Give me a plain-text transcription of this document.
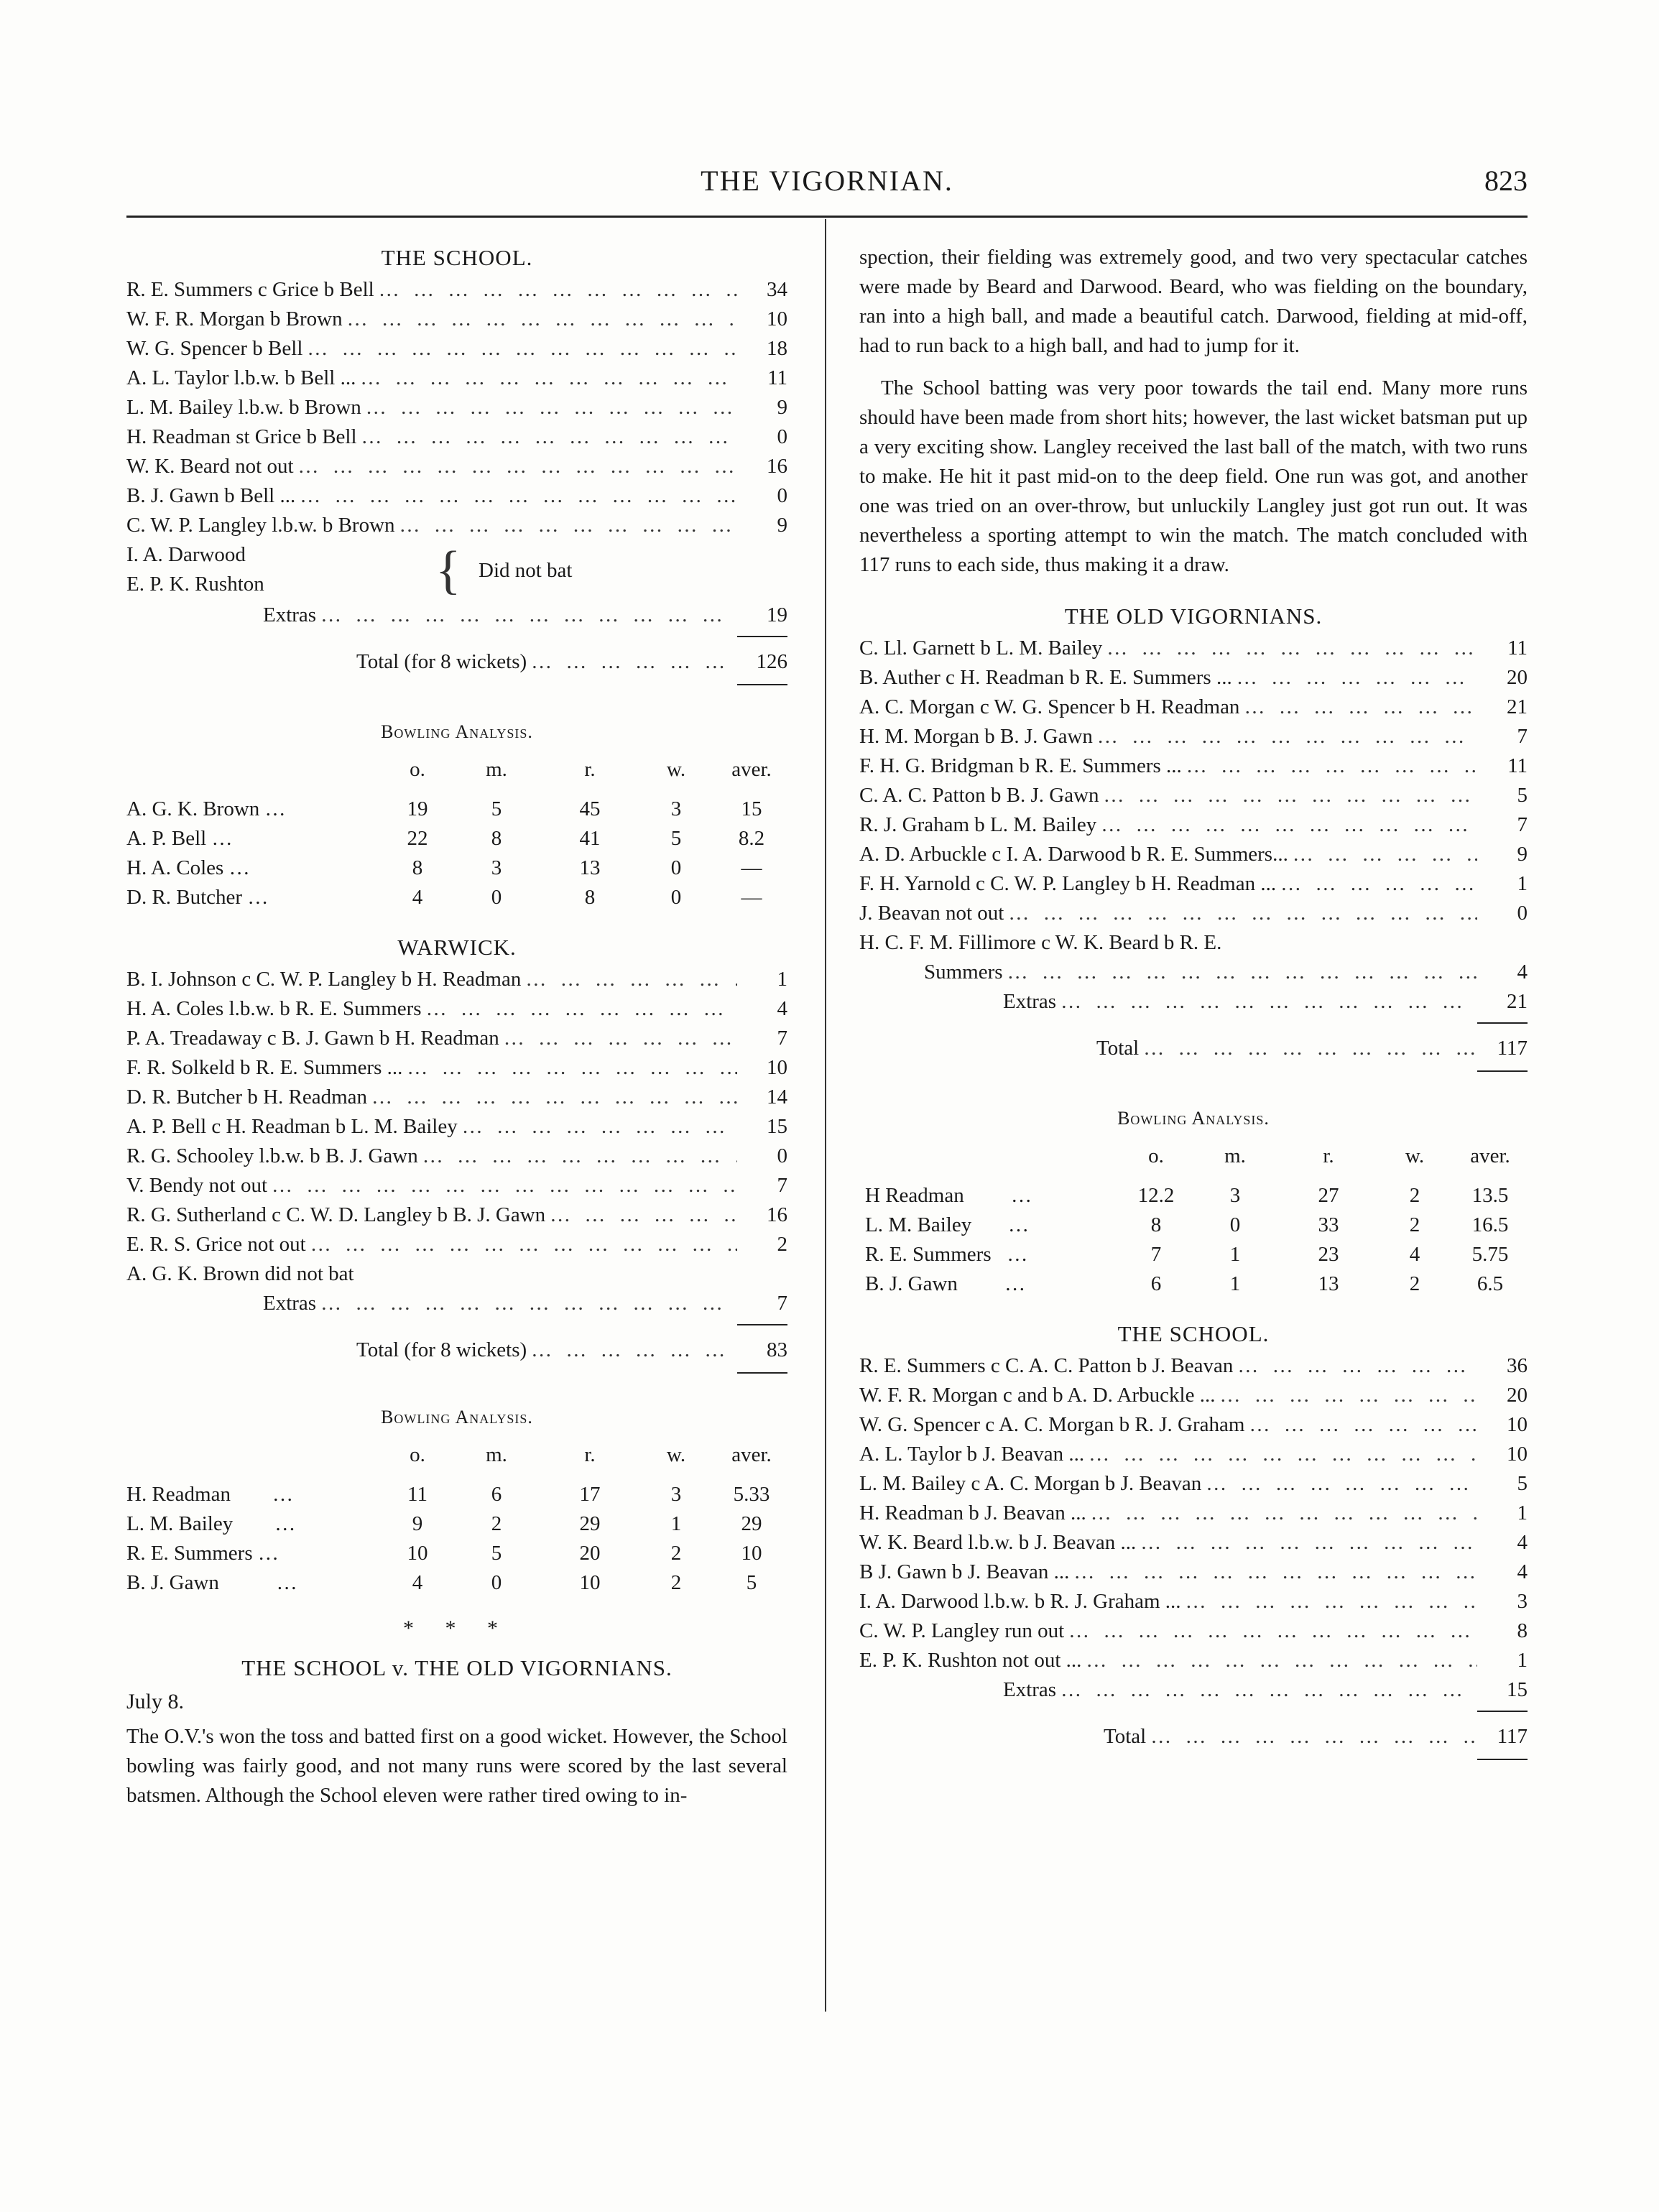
THE VIGORNIAN.	823
THE SCHOOL.
R. E. Summers c Grice b Bell … … … … … … … … … … … … … … … … … … … … … … … … … … … … … …	34
W. F. R. Morgan b Brown … … … … … … … … … … … … … … … … … … … … … … … … … … … … … …	10
W. G. Spencer b Bell … … … … … … … … … … … … … … … … … … … … … … … … … … … … … …	18
A. L. Taylor l.b.w. b Bell ... … … … … … … … … … … … … … … … … … … … … … … … … … … … … … …	11
L. M. Bailey l.b.w. b Brown … … … … … … … … … … … … … … … … … … … … … … … … … … … … … …	9
H. Readman st Grice b Bell … … … … … … … … … … … … … … … … … … … … … … … … … … … … … …	0
W. K. Beard not out … … … … … … … … … … … … … … … … … … … … … … … … … … … … … …	16
B. J. Gawn b Bell ... … … … … … … … … … … … … … … … … … … … … … … … … … … … … … …	0
C. W. P. Langley l.b.w. b Brown … … … … … … … … … … … … … … … … … … … … … … … … … … … … … …	9
I. A. Darwood
E. P. K. Rushton	{ Did not bat
Extras … … … … … … … … … … … … … … … … … … … … … … … … … … … … … …	19
Total (for 8 wickets) … … … … … … … … … … … … … … … … … … … … … … … … … … … … … …	126
Bowling Analysis.
	o.	m.	r.	w.	aver.

A. G. K. Brown …	19	5	45	3	15
A. P. Bell …	22	8	41	5	8.2
H. A. Coles …	8	3	13	0	—
D. R. Butcher …	4	0	8	0	—
WARWICK.
B. I. Johnson c C. W. P. Langley b H. Readman … … … … … … … … … … … … … … … … … … … … … … … … … … … … … …	1
H. A. Coles l.b.w. b R. E. Summers … … … … … … … … … … … … … … … … … … … … … … … … … … … … … …	4
P. A. Treadaway c B. J. Gawn b H. Readman … … … … … … … … … … … … … … … … … … … … … … … … … … … … … …	7
F. R. Solkeld b R. E. Summers ... … … … … … … … … … … … … … … … … … … … … … … … … … … … … … …	10
D. R. Butcher b H. Readman … … … … … … … … … … … … … … … … … … … … … … … … … … … … … …	14
A. P. Bell c H. Readman b L. M. Bailey … … … … … … … … … … … … … … … … … … … … … … … … … … … … … …	15
R. G. Schooley l.b.w. b B. J. Gawn … … … … … … … … … … … … … … … … … … … … … … … … … … … … … …	0
V. Bendy not out … … … … … … … … … … … … … … … … … … … … … … … … … … … … … …	7
R. G. Sutherland c C. W. D. Langley b B. J. Gawn … … … … … … … … … … … … … … … … … … … … … … … … … … … … … …	16
E. R. S. Grice not out … … … … … … … … … … … … … … … … … … … … … … … … … … … … … …	2
A. G. K. Brown did not bat
Extras … … … … … … … … … … … … … … … … … … … … … … … … … … … … … …	7
Total (for 8 wickets) … … … … … … … … … … … … … … … … … … … … … … … … … … … … … …	83
Bowling Analysis.
	o.	m.	r.	w.	aver.

H. Readman        …	11	6	17	3	5.33
L. M. Bailey        …	9	2	29	1	29
R. E. Summers …	10	5	20	2	10
B. J. Gawn           …	4	0	10	2	5
* * *
THE SCHOOL v. THE OLD VIGORNIANS.

July 8.

The O.V.'s won the toss and batted first on a good wicket. However, the School bowling was fairly good, and not many runs were scored by the last several batsmen. Although the School eleven were rather tired owing to in-

spection, their fielding was extremely good, and two very spectacular catches were made by Beard and Darwood. Beard, who was fielding on the boundary, ran into a high ball, and made a beautiful catch. Darwood, fielding at mid-off, had to run back to a high ball, and had to jump for it.

The School batting was very poor towards the tail end. Many more runs should have been made from short hits; however, the last wicket batsman put up a very exciting show. Langley received the last ball of the match, with two runs to make. He hit it past mid-on to the deep field. One run was got, and another one was tried on an over-throw, but unluckily Langley just got run out. It was nevertheless a sporting attempt to win the match. The match concluded with 117 runs to each side, thus making it a draw.

THE OLD VIGORNIANS.
C. Ll. Garnett b L. M. Bailey … … … … … … … … … … … … … … … … … … … … … … … … … … … … … …	11
B. Auther c H. Readman b R. E. Summers ... … … … … … … … … … … … … … … … … … … … … … … … … … … … … … …	20
A. C. Morgan c W. G. Spencer b H. Readman … … … … … … … … … … … … … … … … … … … … … … … … … … … … … …	21
H. M. Morgan b B. J. Gawn … … … … … … … … … … … … … … … … … … … … … … … … … … … … … …	7
F. H. G. Bridgman b R. E. Summers ... … … … … … … … … … … … … … … … … … … … … … … … … … … … … … …	11
C. A. C. Patton b B. J. Gawn … … … … … … … … … … … … … … … … … … … … … … … … … … … … … …	5
R. J. Graham b L. M. Bailey … … … … … … … … … … … … … … … … … … … … … … … … … … … … … …	7
A. D. Arbuckle c I. A. Darwood b R. E. Summers... … … … … … … … … … … … … … … … … … … … … … … … … … … … … … …	9
F. H. Yarnold c C. W. P. Langley b H. Readman ... … … … … … … … … … … … … … … … … … … … … … … … … … … … … … …	1
J. Beavan not out … … … … … … … … … … … … … … … … … … … … … … … … … … … … … …	0
H. C. F. M. Fillimore c W. K. Beard b R. E.
Summers … … … … … … … … … … … … … … … … … … … … … … … … … … … … … …	4
Extras … … … … … … … … … … … … … … … … … … … … … … … … … … … … … …	21
Total … … … … … … … … … … … … … … … … … … … … … … … … … … … … … …	117
Bowling Analysis.
	o.	m.	r.	w.	aver.

H Readman         …	12.2	3	27	2	13.5
L. M. Bailey       …	8	0	33	2	16.5
R. E. Summers   …	7	1	23	4	5.75
B. J. Gawn         …	6	1	13	2	6.5
THE SCHOOL.
R. E. Summers c C. A. C. Patton b J. Beavan … … … … … … … … … … … … … … … … … … … … … … … … … … … … … …	36
W. F. R. Morgan c and b A. D. Arbuckle ... … … … … … … … … … … … … … … … … … … … … … … … … … … … … … …	20
W. G. Spencer c A. C. Morgan b R. J. Graham … … … … … … … … … … … … … … … … … … … … … … … … … … … … … …	10
A. L. Taylor b J. Beavan ... … … … … … … … … … … … … … … … … … … … … … … … … … … … … … …	10
L. M. Bailey c A. C. Morgan b J. Beavan … … … … … … … … … … … … … … … … … … … … … … … … … … … … … …	5
H. Readman b J. Beavan ... … … … … … … … … … … … … … … … … … … … … … … … … … … … … … …	1
W. K. Beard l.b.w. b J. Beavan ... … … … … … … … … … … … … … … … … … … … … … … … … … … … … … …	4
B J. Gawn b J. Beavan ... … … … … … … … … … … … … … … … … … … … … … … … … … … … … … …	4
I. A. Darwood l.b.w. b R. J. Graham ... … … … … … … … … … … … … … … … … … … … … … … … … … … … … … …	3
C. W. P. Langley run out … … … … … … … … … … … … … … … … … … … … … … … … … … … … … …	8
E. P. K. Rushton not out ... … … … … … … … … … … … … … … … … … … … … … … … … … … … … … …	1
Extras … … … … … … … … … … … … … … … … … … … … … … … … … … … … … …	15
Total … … … … … … … … … … … … … … … … … … … … … … … … … … … … … …	117
